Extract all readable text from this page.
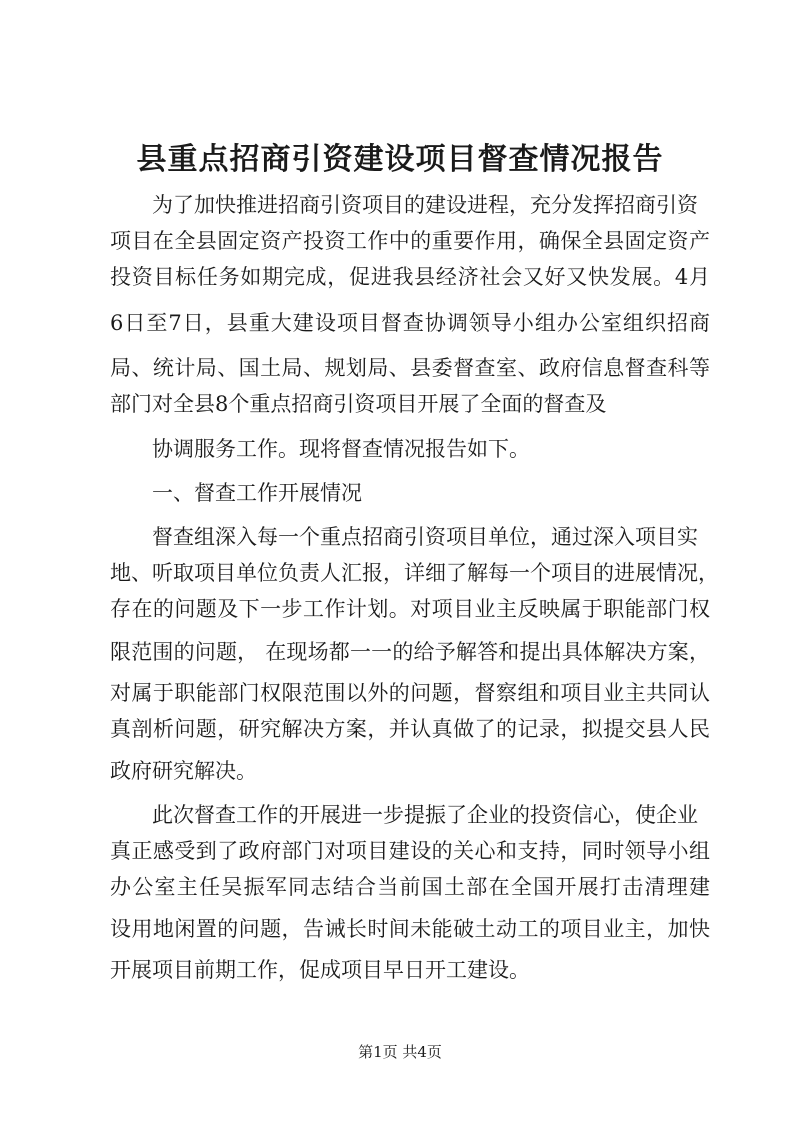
县重点招商引资建设项目督查情况报告

为了加快推进招商引资项目的建设进程，充分发挥招商引资

项目在全县固定资产投资工作中的重要作用，确保全县固定资产

投资目标任务如期完成，促进我县经济社会又好又快发展。4月

6日至7日，县重大建设项目督查协调领导小组办公室组织招商

局、统计局、国土局、规划局、县委督查室、政府信息督查科等

部门对全县8个重点招商引资项目开展了全面的督查及

协调服务工作。现将督查情况报告如下。

一、督查工作开展情况

督查组深入每一个重点招商引资项目单位，通过深入项目实

地、听取项目单位负责人汇报，详细了解每一个项目的进展情况，

存在的问题及下一步工作计划。对项目业主反映属于职能部门权

限范围的问题， 在现场都一一的给予解答和提出具体解决方案，

对属于职能部门权限范围以外的问题，督察组和项目业主共同认

真剖析问题，研究解决方案，并认真做了的记录，拟提交县人民

政府研究解决。

此次督查工作的开展进一步提振了企业的投资信心，使企业

真正感受到了政府部门对项目建设的关心和支持，同时领导小组

办公室主任吴振军同志结合当前国土部在全国开展打击清理建

设用地闲置的问题，告诫长时间未能破土动工的项目业主，加快

开展项目前期工作，促成项目早日开工建设。

第1页 共4页
